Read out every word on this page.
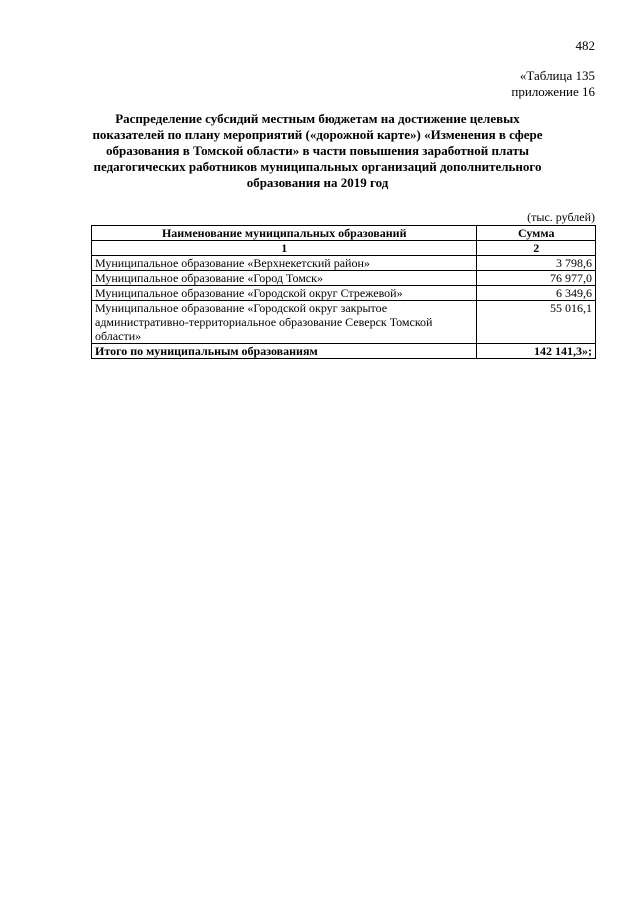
482
«Таблица 135
приложение 16
Распределение субсидий местным бюджетам на достижение целевых
показателей по плану мероприятий («дорожной карте») «Изменения в сфере
образования в Томской области» в части повышения заработной платы
педагогических работников муниципальных организаций дополнительного
образования на 2019 год
(тыс. рублей)
Наименование муниципальных образований	Сумма
1	2
Муниципальное образование «Верхнекетский район»	3 798,6
Муниципальное образование «Город Томск»	76 977,0
Муниципальное образование «Городской округ Стрежевой»	6 349,6
Муниципальное образование «Городской округ закрытое административно-территориальное образование Северск Томской области»	55 016,1
Итого по муниципальным образованиям	142 141,3»;
